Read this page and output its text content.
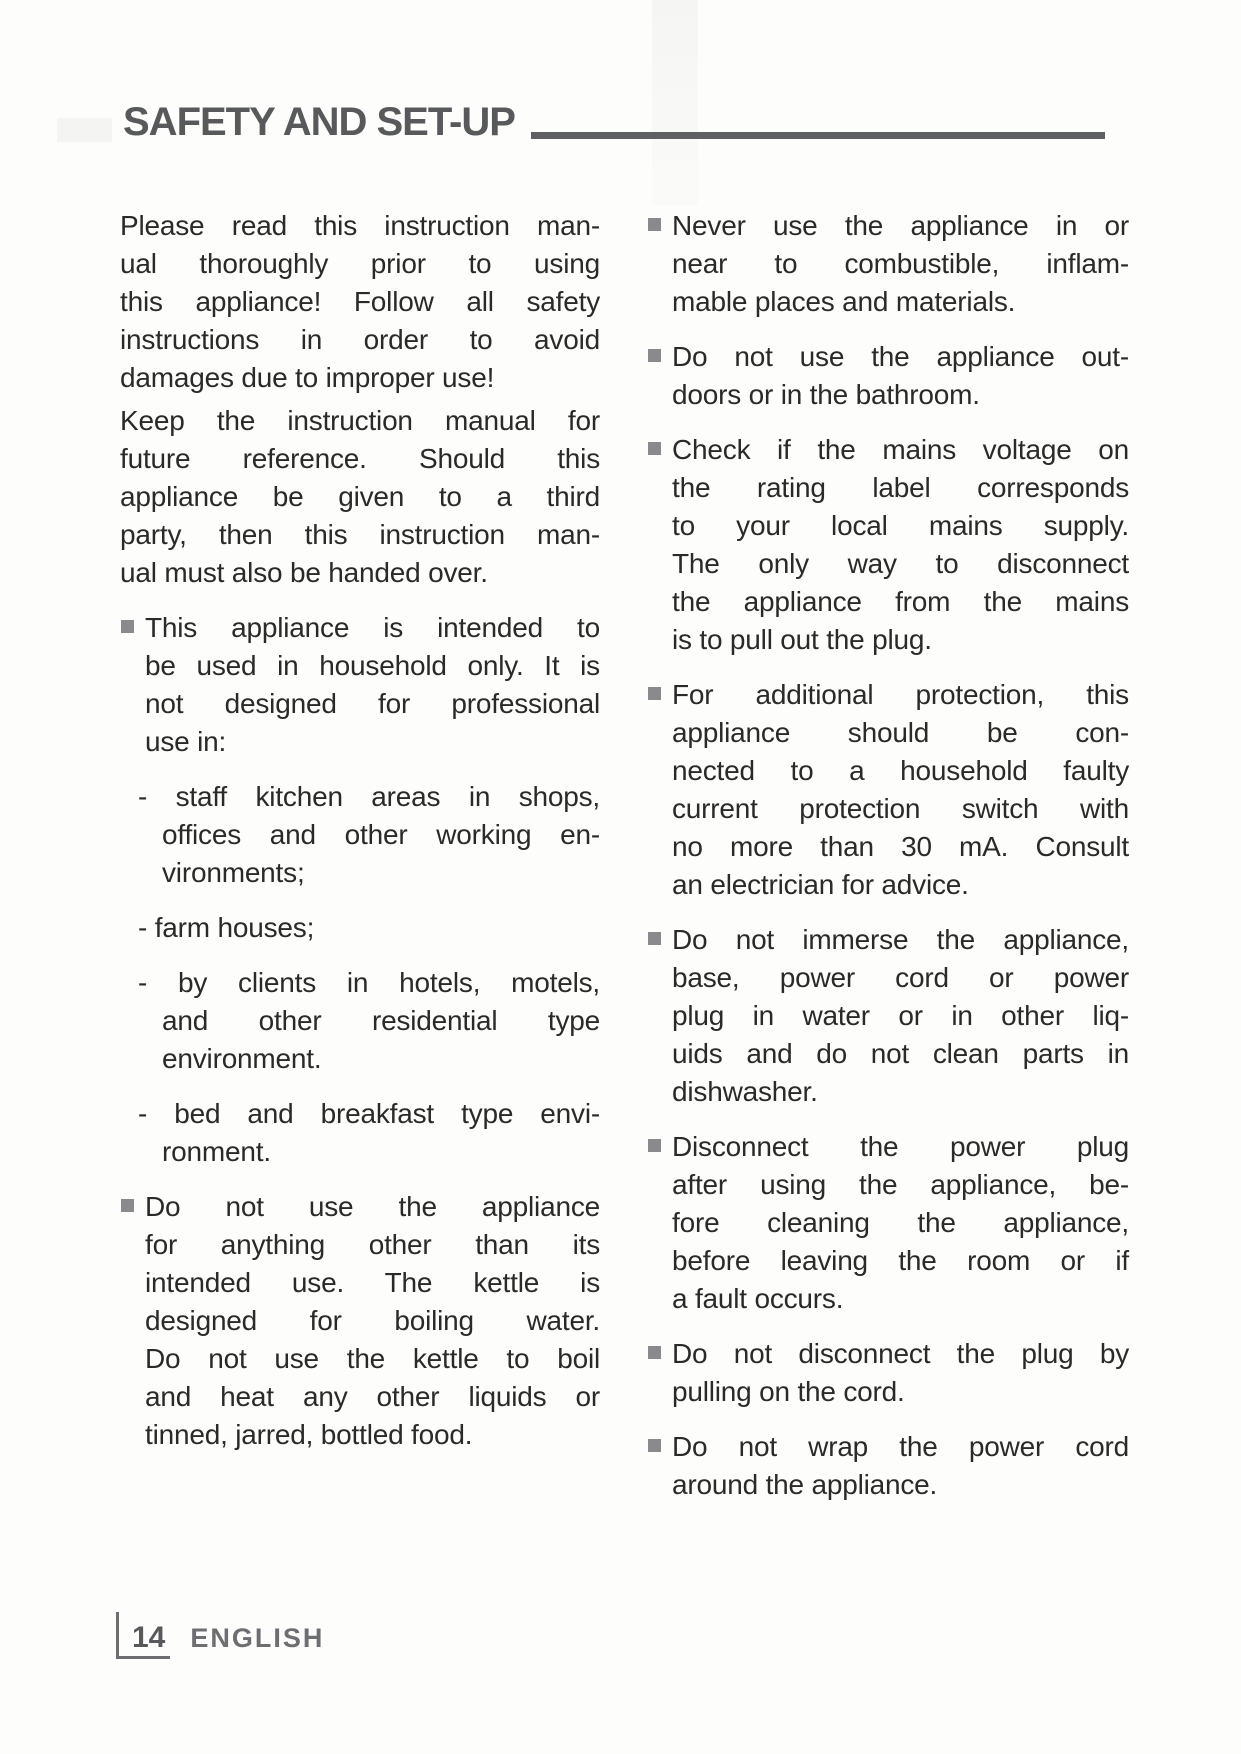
SAFETY AND SET-UP
Please read this instruction man-
ual thoroughly prior to using
this appliance! Follow all safety
instructions in order to avoid
damages due to improper use!
Keep the instruction manual for
future reference. Should this
appliance be given to a third
party, then this instruction man-
ual must also be handed over.
This appliance is intended to
be used in household only. It is
not designed for professional
use in:
- staff kitchen areas in shops,
offices and other working en-
vironments;
- farm houses;
- by clients in hotels, motels,
and other residential type
environment.
- bed and breakfast type envi-
ronment.
Do not use the appliance
for anything other than its
intended use. The kettle is
designed for boiling water.
Do not use the kettle to boil
and heat any other liquids or
tinned, jarred, bottled food.
Never use the appliance in or
near to combustible, inflam-
mable places and materials.
Do not use the appliance out-
doors or in the bathroom.
Check if the mains voltage on
the rating label corresponds
to your local mains supply.
The only way to disconnect
the appliance from the mains
is to pull out the plug.
For additional protection, this
appliance should be con-
nected to a household faulty
current protection switch with
no more than 30 mA. Consult
an electrician for advice.
Do not immerse the appliance,
base, power cord or power
plug in water or in other liq-
uids and do not clean parts in
dishwasher.
Disconnect the power plug
after using the appliance, be-
fore cleaning the appliance,
before leaving the room or if
a fault occurs.
Do not disconnect the plug by
pulling on the cord.
Do not wrap the power cord
around the appliance.
14 ENGLISH
